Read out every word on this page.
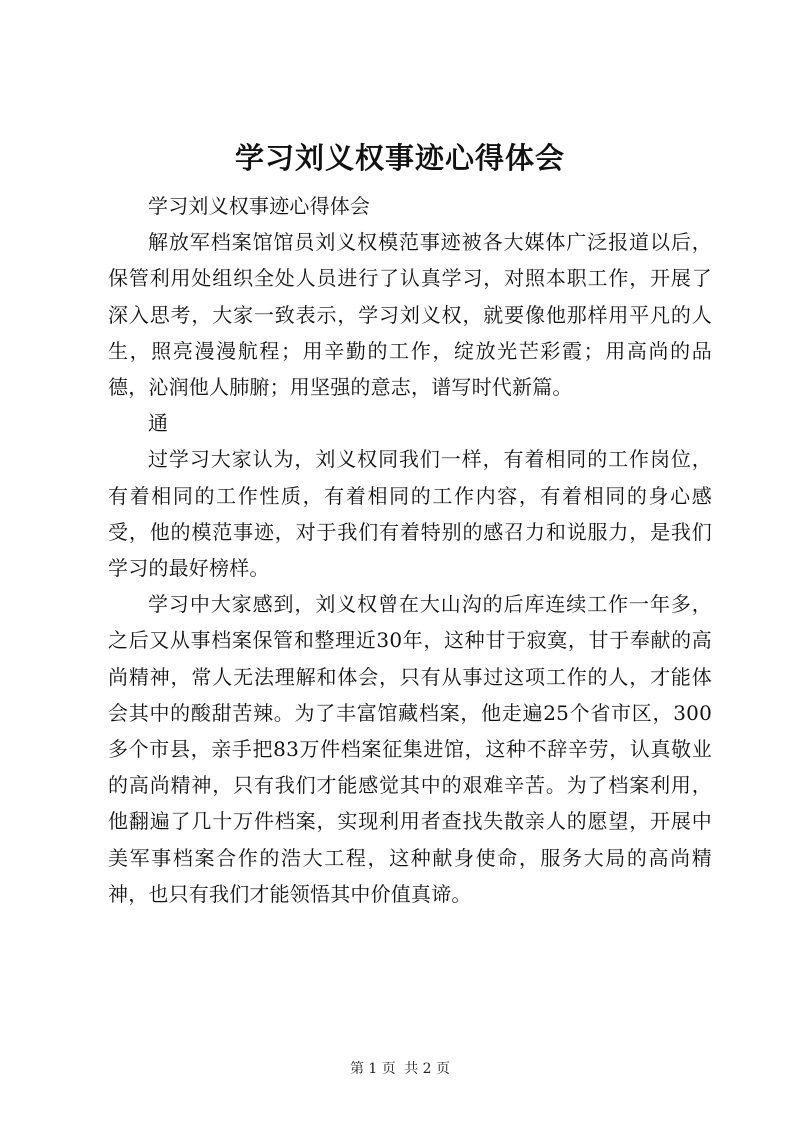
学习刘义权事迹心得体会

学习刘义权事迹心得体会

解放军档案馆馆员刘义权模范事迹被各大媒体广泛报道以后，保管利用处组织全处人员进行了认真学习，对照本职工作，开展了深入思考，大家一致表示，学习刘义权，就要像他那样用平凡的人生，照亮漫漫航程；用辛勤的工作，绽放光芒彩霞；用高尚的品德，沁润他人肺腑；用坚强的意志，谱写时代新篇。

通

过学习大家认为，刘义权同我们一样，有着相同的工作岗位，有着相同的工作性质，有着相同的工作内容，有着相同的身心感受，他的模范事迹，对于我们有着特别的感召力和说服力，是我们学习的最好榜样。

学习中大家感到，刘义权曾在大山沟的后库连续工作一年多，之后又从事档案保管和整理近30年，这种甘于寂寞，甘于奉献的高尚精神，常人无法理解和体会，只有从事过这项工作的人，才能体会其中的酸甜苦辣。为了丰富馆藏档案，他走遍25个省市区，300多个市县，亲手把83万件档案征集进馆，这种不辞辛劳，认真敬业的高尚精神，只有我们才能感觉其中的艰难辛苦。为了档案利用，他翻遍了几十万件档案，实现利用者查找失散亲人的愿望，开展中美军事档案合作的浩大工程，这种献身使命，服务大局的高尚精神，也只有我们才能领悟其中价值真谛。

第 1 页 共 2 页
